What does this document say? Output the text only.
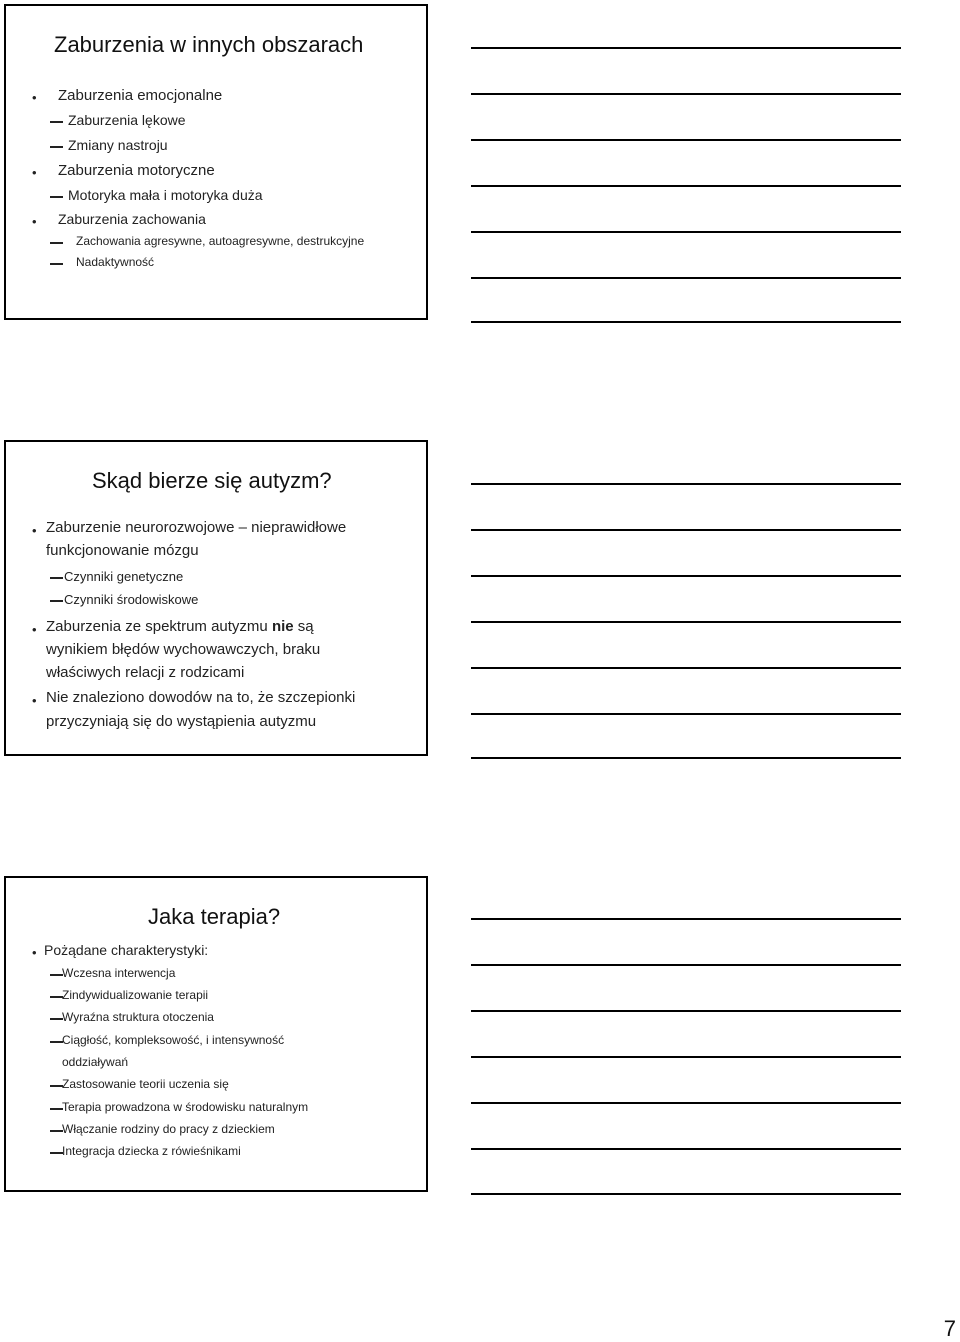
Zaburzenia w innych obszarach
• Zaburzenia emocjonalne
Zaburzenia lękowe
Zmiany nastroju
• Zaburzenia motoryczne
Motoryka mała i motoryka duża
• Zaburzenia zachowania
Zachowania agresywne, autoagresywne, destrukcyjne
Nadaktywność
Skąd bierze się autyzm?
• Zaburzenie neurorozwojowe – nieprawidłowe
funkcjonowanie mózgu
Czynniki genetyczne
Czynniki środowiskowe
• Zaburzenia ze spektrum autyzmu nie są
wynikiem błędów wychowawczych, braku
właściwych relacji z rodzicami
• Nie znaleziono dowodów na to, że szczepionki
przyczyniają się do wystąpienia autyzmu
Jaka terapia?
• Pożądane charakterystyki:
Wczesna interwencja
Zindywidualizowanie terapii
Wyraźna struktura otoczenia
Ciągłość, kompleksowość, i intensywność
oddziaływań
Zastosowanie teorii uczenia się
Terapia prowadzona w środowisku naturalnym
Włączanie rodziny do pracy z dzieckiem
Integracja dziecka z rówieśnikami
7
